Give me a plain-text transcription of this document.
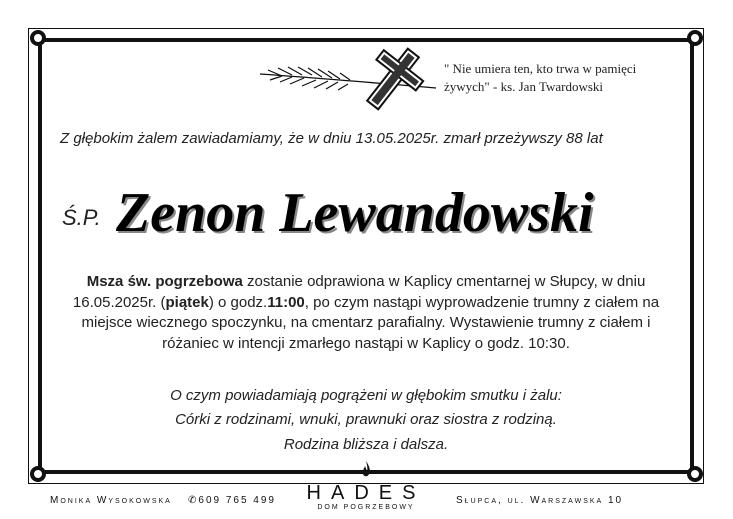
" Nie umiera ten, kto trwa w pamięci
żywych" - ks. Jan Twardowski
Z głębokim żalem zawiadamiamy, że w dniu 13.05.2025r. zmarł przeżywszy 88 lat
Ś.P. Zenon Lewandowski
Msza św. pogrzebowa zostanie odprawiona w Kaplicy cmentarnej w Słupcy, w dniu 16.05.2025r. (piątek) o godz.11:00, po czym nastąpi wyprowadzenie trumny z ciałem na miejsce wiecznego spoczynku, na cmentarz parafialny. Wystawienie trumny z ciałem i różaniec w intencji zmarłego nastąpi w Kaplicy o godz. 10:30.
O czym powiadamiają pogrążeni w głębokim smutku i żalu:
Córki z rodzinami, wnuki, prawnuki oraz siostra z rodziną.
Rodzina bliższa i dalsza.
HADES
DOM POGRZEBOWY
Monika Wysokowska ✆609 765 499	Słupca, ul. Warszawska 10
